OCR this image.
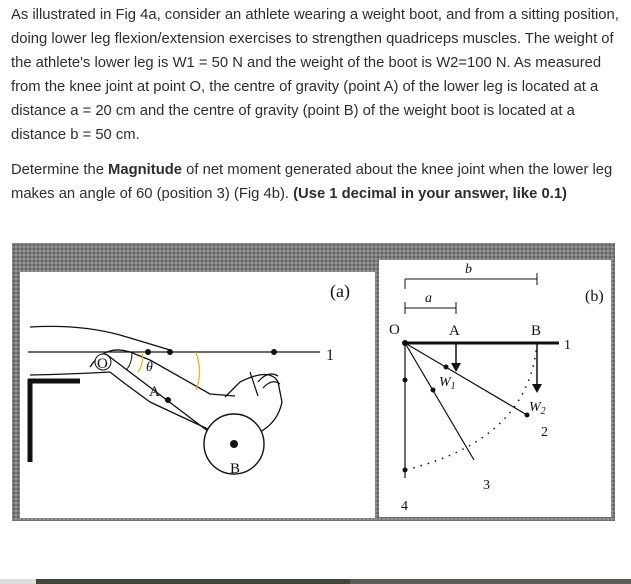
As illustrated in Fig 4a, consider an athlete wearing a weight boot, and from a sitting position, doing lower leg flexion/extension exercises to strengthen quadriceps muscles. The weight of the athlete's lower leg is W1 = 50 N and the weight of the boot is W2=100 N. As measured from the knee joint at point O, the centre of gravity (point A) of the lower leg is located at a distance a = 20 cm and the centre of gravity (point B) of the weight boot is located at a distance b = 50 cm.

Determine the Magnitude of net moment generated about the knee joint when the lower leg makes an angle of 60 (position 3) (Fig 4b). (Use 1 decimal in your answer, like 0.1)

O
A
B
θ
(a)
1
b
a
O	A	B
$W_1$
$W_2$
(b)
1
2
3
4
